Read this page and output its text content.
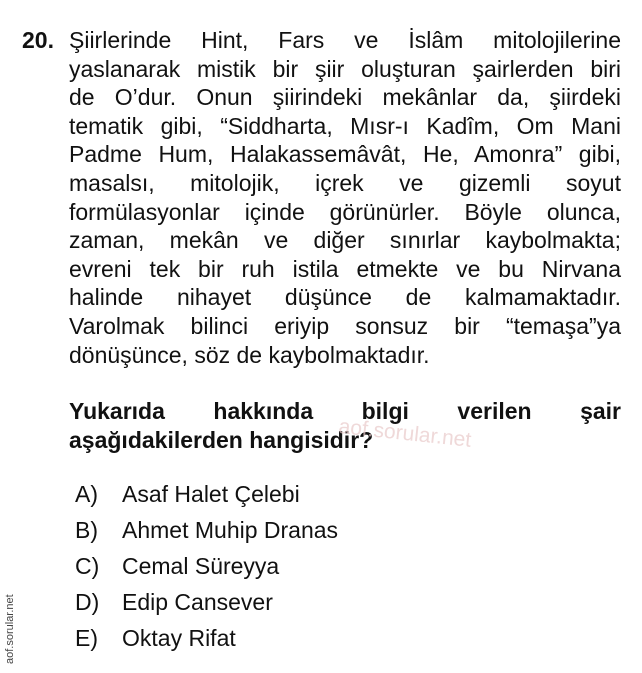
20. Şiirlerinde Hint, Fars ve İslâm mitolojilerine
yaslanarak mistik bir şiir oluşturan şairlerden biri
de O’dur. Onun şiirindeki mekânlar da, şiirdeki
tematik gibi, “Siddharta, Mısr-ı Kadîm, Om Mani
Padme Hum, Halakassemâvât, He, Amonra” gibi,
masalsı, mitolojik, içrek ve gizemli soyut
formülasyonlar içinde görünürler. Böyle olunca,
zaman, mekân ve diğer sınırlar kaybolmakta;
evreni tek bir ruh istila etmekte ve bu Nirvana
halinde nihayet düşünce de kalmamaktadır.
Varolmak bilinci eriyip sonsuz bir “temaşa”ya
dönüşünce, söz de kaybolmaktadır.
Yukarıda hakkında bilgi verilen şair
aşağıdakilerden hangisidir?
aof.sorular.net
A) Asaf Halet Çelebi
B) Ahmet Muhip Dranas
C) Cemal Süreyya
D) Edip Cansever
E) Oktay Rifat
aof.sorular.net
